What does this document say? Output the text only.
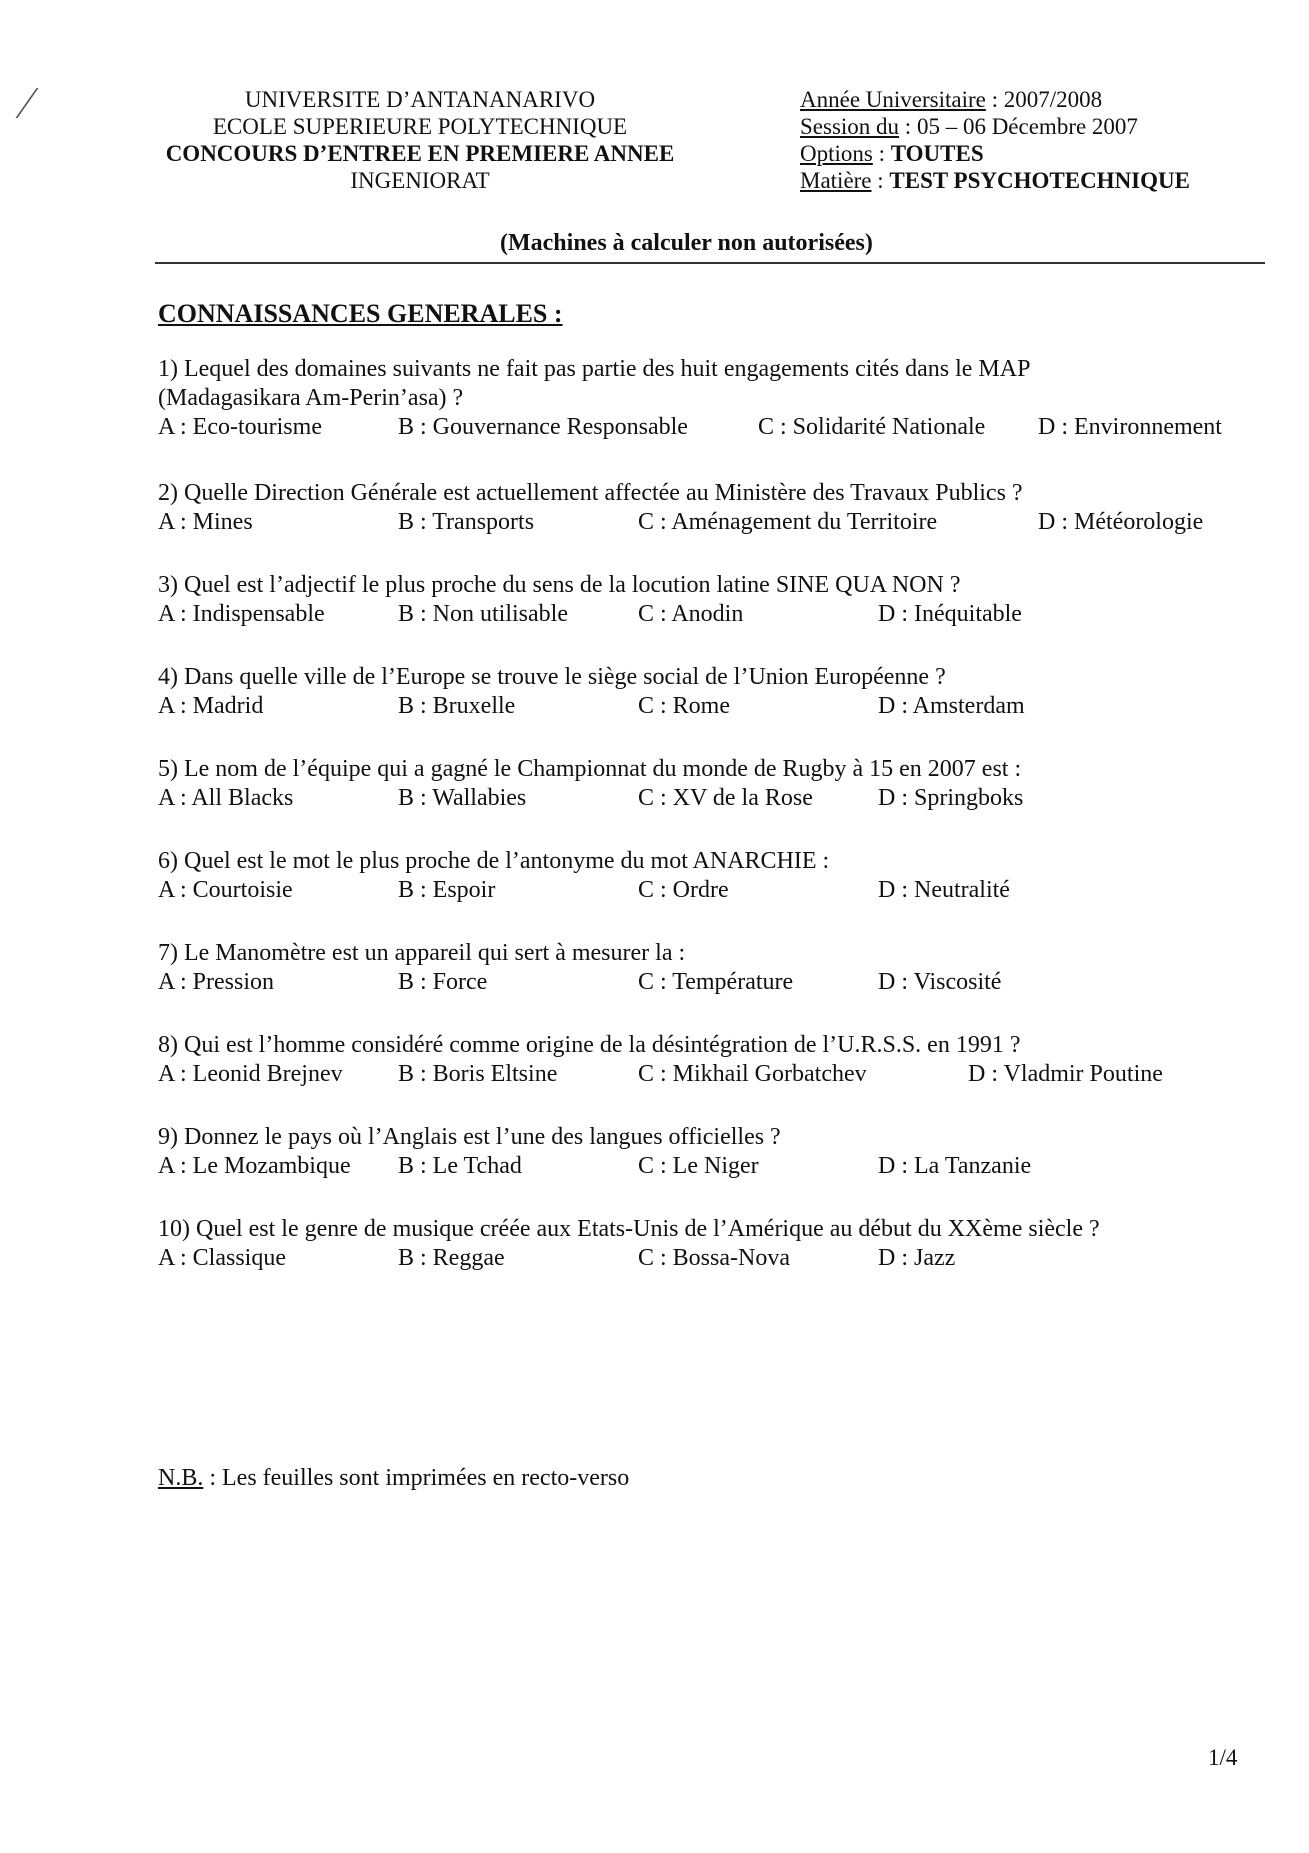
UNIVERSITE D’ANTANANARIVO
ECOLE SUPERIEURE POLYTECHNIQUE
CONCOURS D’ENTREE EN PREMIERE ANNEE
INGENIORAT
Année Universitaire : 2007/2008
Session du : 05 – 06 Décembre 2007
Options : TOUTES
Matière : TEST PSYCHOTECHNIQUE
(Machines à calculer non autorisées)
CONNAISSANCES GENERALES :
1) Lequel des domaines suivants ne fait pas partie des huit engagements cités dans le MAP
(Madagasikara Am-Perin’asa) ?
A : Eco-tourisme	B : Gouvernance Responsable	C : Solidarité Nationale D : Environnement
2) Quelle Direction Générale est actuellement affectée au Ministère des Travaux Publics ?
A : Mines	B : Transports	C : Aménagement du Territoire	D : Météorologie
3) Quel est l’adjectif le plus proche du sens de la locution latine SINE QUA NON ?
A : Indispensable	B : Non utilisable	C : Anodin	D : Inéquitable
4) Dans quelle ville de l’Europe se trouve le siège social de l’Union Européenne ?
A : Madrid	B : Bruxelle	C : Rome	D : Amsterdam
5) Le nom de l’équipe qui a gagné le Championnat du monde de Rugby à 15 en 2007 est :
A : All Blacks	B : Wallabies	C : XV de la Rose	D : Springboks
6) Quel est le mot le plus proche de l’antonyme du mot ANARCHIE :
A : Courtoisie	B : Espoir	C : Ordre	D : Neutralité
7) Le Manomètre est un appareil qui sert à mesurer la :
A : Pression	B : Force	C : Température	D : Viscosité
8) Qui est l’homme considéré comme origine de la désintégration de l’U.R.S.S. en 1991 ?
A : Leonid Brejnev B : Boris Eltsine	C : Mikhail Gorbatchev	D : Vladmir Poutine
9) Donnez le pays où l’Anglais est l’une des langues officielles ?
A : Le Mozambique B : Le Tchad	C : Le Niger	D : La Tanzanie
10) Quel est le genre de musique créée aux Etats-Unis de l’Amérique au début du XXème siècle ?
A : Classique	B : Reggae	C : Bossa-Nova	D : Jazz
N.B. : Les feuilles sont imprimées en recto-verso
1/4
